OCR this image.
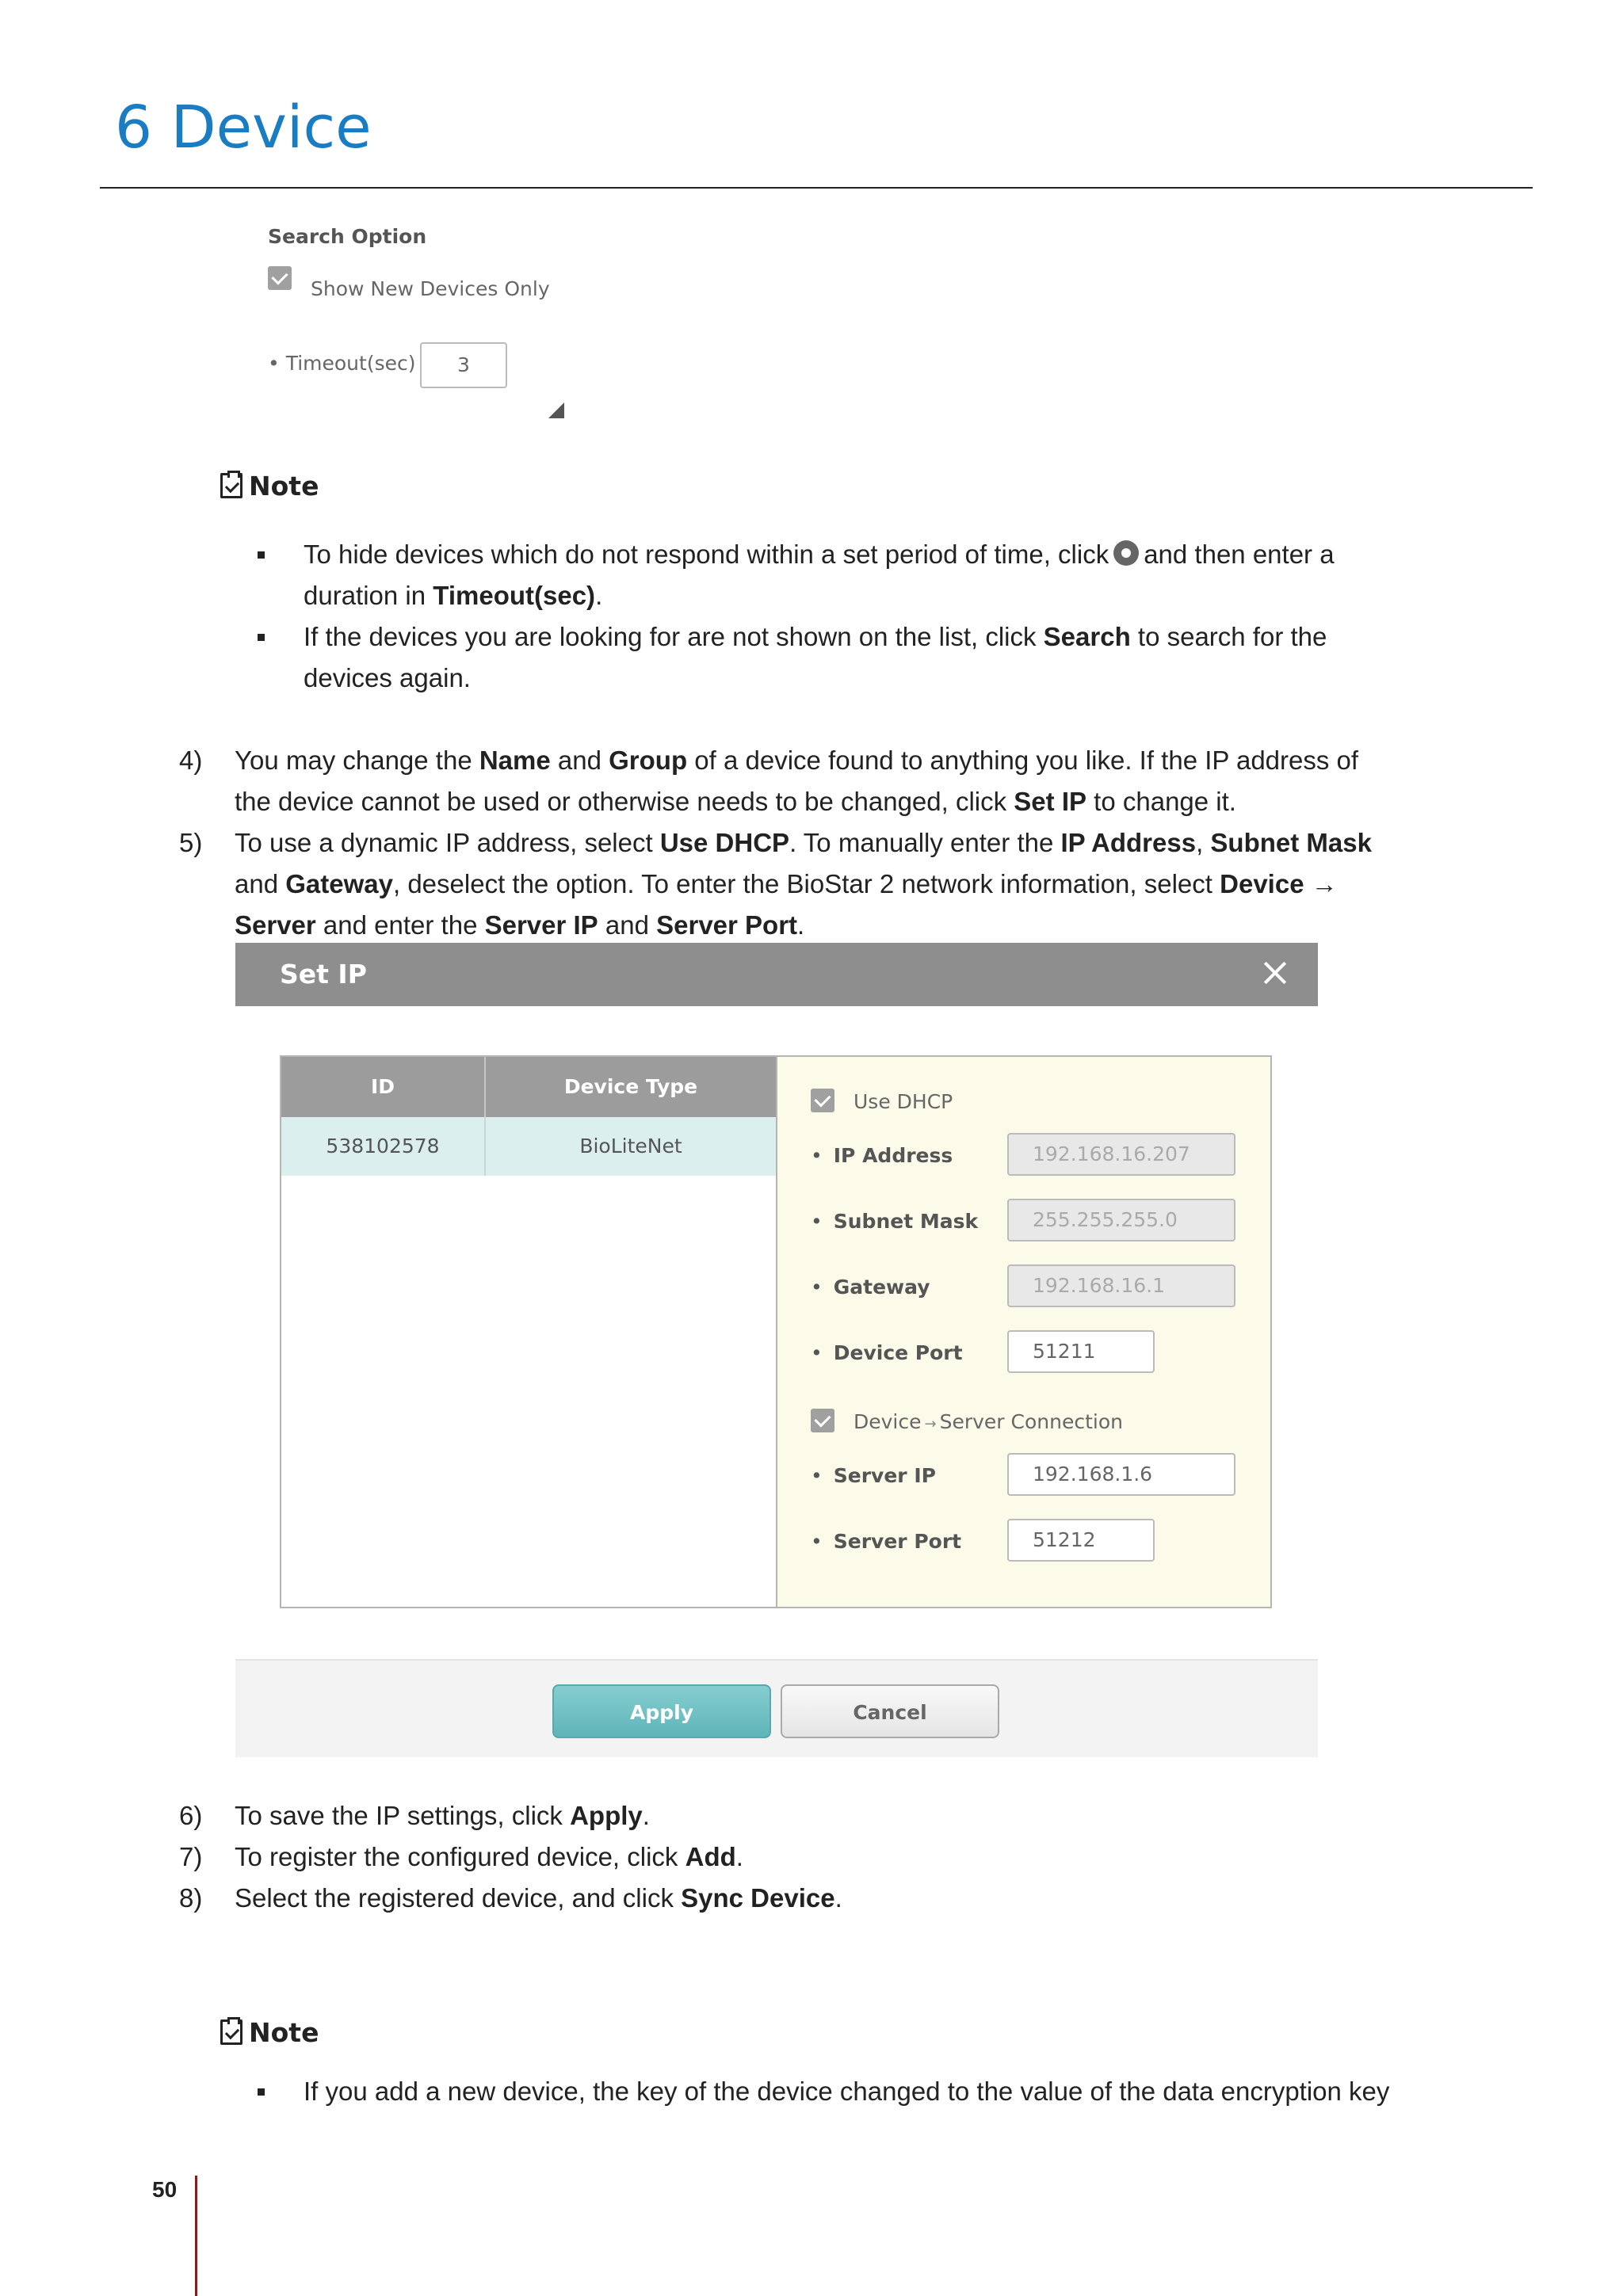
6 Device
Search Option
Show New Devices Only
• Timeout(sec)	3
Note
To hide devices which do not respond within a set period of time, click and then enter a
duration in Timeout(sec).
If the devices you are looking for are not shown on the list, click Search to search for the
devices again.
4) You may change the Name and Group of a device found to anything you like. If the IP address of
the device cannot be used or otherwise needs to be changed, click Set IP to change it.
5) To use a dynamic IP address, select Use DHCP. To manually enter the IP Address, Subnet Mask
and Gateway, deselect the option. To enter the BioStar 2 network information, select Device →
Server and enter the Server IP and Server Port.
Set IP
ID	Device Type
538102578	BioLiteNet
Use DHCP
• IP Address	192.168.16.207
• Subnet Mask	255.255.255.0
• Gateway	192.168.16.1
• Device Port	51211
Device → Server Connection
• Server IP	192.168.1.6
• Server Port	51212
Apply	Cancel
6) To save the IP settings, click Apply.
7) To register the configured device, click Add.
8) Select the registered device, and click Sync Device.
Note
If you add a new device, the key of the device changed to the value of the data encryption key
50
